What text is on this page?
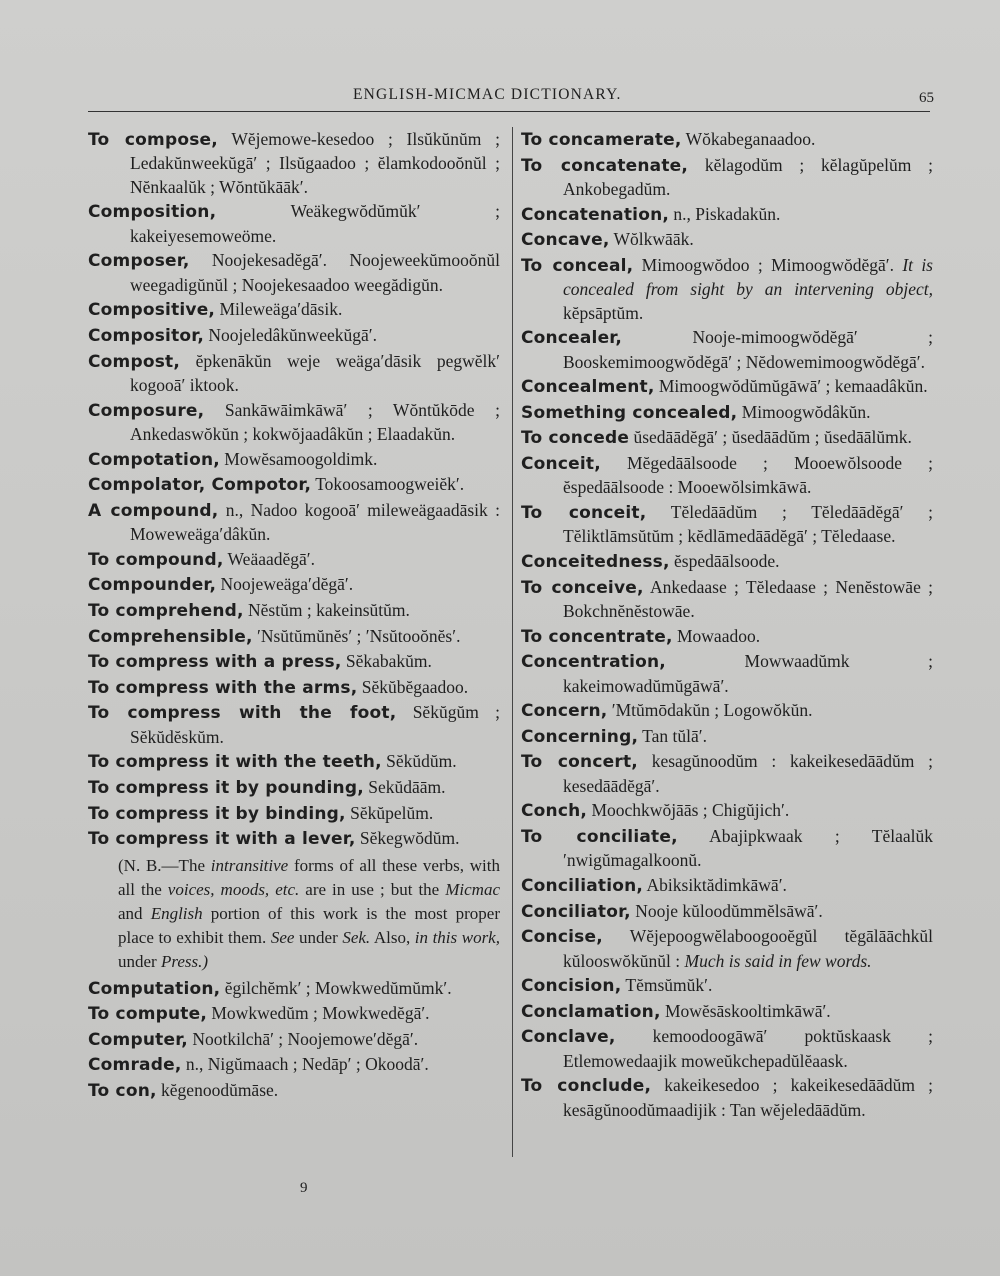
ENGLISH-MICMAC DICTIONARY.	65
To compose, Wĕjemowe-kesedoo ; Ilsŭkŭnŭm ; Ledakŭnweekŭgā′ ; Ilsŭgaadoo ; ĕlamkodooŏnŭl ; Nĕnkaalŭk ; Wŏntŭkāāk′.
Composition, Weäkegwŏdŭmŭk′ ; kakeiyesemoweöme.
Composer, Noojekesadĕgā′. Noojeweekŭmooŏnŭl weegadigŭnŭl ; Noojekesaadoo weegădigŭn.
Compositive, Mileweäga′dāsik.
Compositor, Noojeledâkŭnweekŭgā′.
Compost, ĕpkenākŭn weje weäga′dāsik pegwĕlk′ kogooā′ iktook.
Composure, Sankāwāimkāwā′ ; Wŏntŭkōde ; Ankedaswŏkŭn ; kokwŏjaadâkŭn ; Elaadakŭn.
Compotation, Mowĕsamoogoldimk.
Compolator, Compotor, Tokoosamoogweiĕk′.
A compound, n., Nadoo kogooā′ mileweägaadāsik : Moweweäga′dâkŭn.
To compound, Weäaadĕgā′.
Compounder, Noojeweäga′dĕgā′.
To comprehend, Nĕstŭm ; kakeinsŭtŭm.
Comprehensible, ′Nsŭtŭmŭnĕs′ ; ′Nsŭtooŏnĕs′.
To compress with a press, Sĕkabakŭm.
To compress with the arms, Sĕkŭbĕgaadoo.
To compress with the foot, Sĕkŭgŭm ; Sĕkŭdĕskŭm.
To compress it with the teeth, Sĕkŭdŭm.
To compress it by pounding, Sekŭdāām.
To compress it by binding, Sĕkŭpelŭm.
To compress it with a lever, Sĕkegwŏdŭm.
(N. B.—The intransitive forms of all these verbs, with all the voices, moods, etc. are in use ; but the Micmac and English portion of this work is the most proper place to exhibit them. See under Sek. Also, in this work, under Press.)
Computation, ĕgilchĕmk′ ; Mowkwedŭmŭmk′.
To compute, Mowkwedŭm ; Mowkwedĕgā′.
Computer, Nootkilchā′ ; Noojemowe′dĕgā′.
Comrade, n., Nigŭmaach ; Nedāp′ ; Okoodā′.
To con, kĕgenoodŭmāse.
To concamerate, Wŏkabeganaadoo.
To concatenate, kĕlagodŭm ; kĕlagŭpelŭm ; Ankobegadŭm.
Concatenation, n., Piskadakŭn.
Concave, Wŏlkwāāk.
To conceal, Mimoogwŏdoo ; Mimoogwŏdĕgā′. It is concealed from sight by an intervening object, kĕpsāptŭm.
Concealer, Nooje-mimoogwŏdĕgā′ ; Booskemimoogwŏdĕgā′ ; Nĕdowemimoogwŏdĕgā′.
Concealment, Mimoogwŏdŭmŭgāwā′ ; kemaadâkŭn.
Something concealed, Mimoogwŏdâkŭn.
To concede ŭsedāādĕgā′ ; ŭsedāādŭm ; ŭsedāālŭmk.
Conceit, Mĕgedāālsoode ; Mooewŏlsoode ; ĕspedāālsoode : Mooewŏlsimkāwā.
To conceit, Tĕledāādŭm ; Tĕledāādĕgā′ ; Tĕliktlāmsŭtŭm ; kĕdlāmedāādĕgā′ ; Tĕledaase.
Conceitedness, ĕspedāālsoode.
To conceive, Ankedaase ; Tĕledaase ; Nenĕstowāe ; Bokchnĕnĕstowāe.
To concentrate, Mowaadoo.
Concentration, Mowwaadŭmk ; kakeimowadŭmŭgāwā′.
Concern, ′Mtŭmōdakŭn ; Logowŏkŭn.
Concerning, Tan tŭlā′.
To concert, kesagŭnoodŭm : kakeikesedāādŭm ; kesedāādĕgā′.
Conch, Moochkwŏjāās ; Chigŭjich′.
To conciliate, Abajipkwaak ; Tĕlaalŭk ′nwigŭmagalkoonŭ.
Conciliation, Abiksiktădimkāwā′.
Conciliator, Nooje kŭloodŭmmĕlsāwā′.
Concise, Wĕjepoogwĕlaboogooĕgŭl tĕgālāāchkŭl kŭlooswŏkŭnŭl : Much is said in few words.
Concision, Tĕmsŭmŭk′.
Conclamation, Mowĕsāskooltimkāwā′.
Conclave, kemoodoogāwā′ poktŭskaask ; Etlemowedaajik moweŭkchepadŭlĕaask.
To conclude, kakeikesedoo ; kakeikesedāādŭm ; kesāgŭnoodŭmaadijik : Tan wĕjeledāādŭm.
9
